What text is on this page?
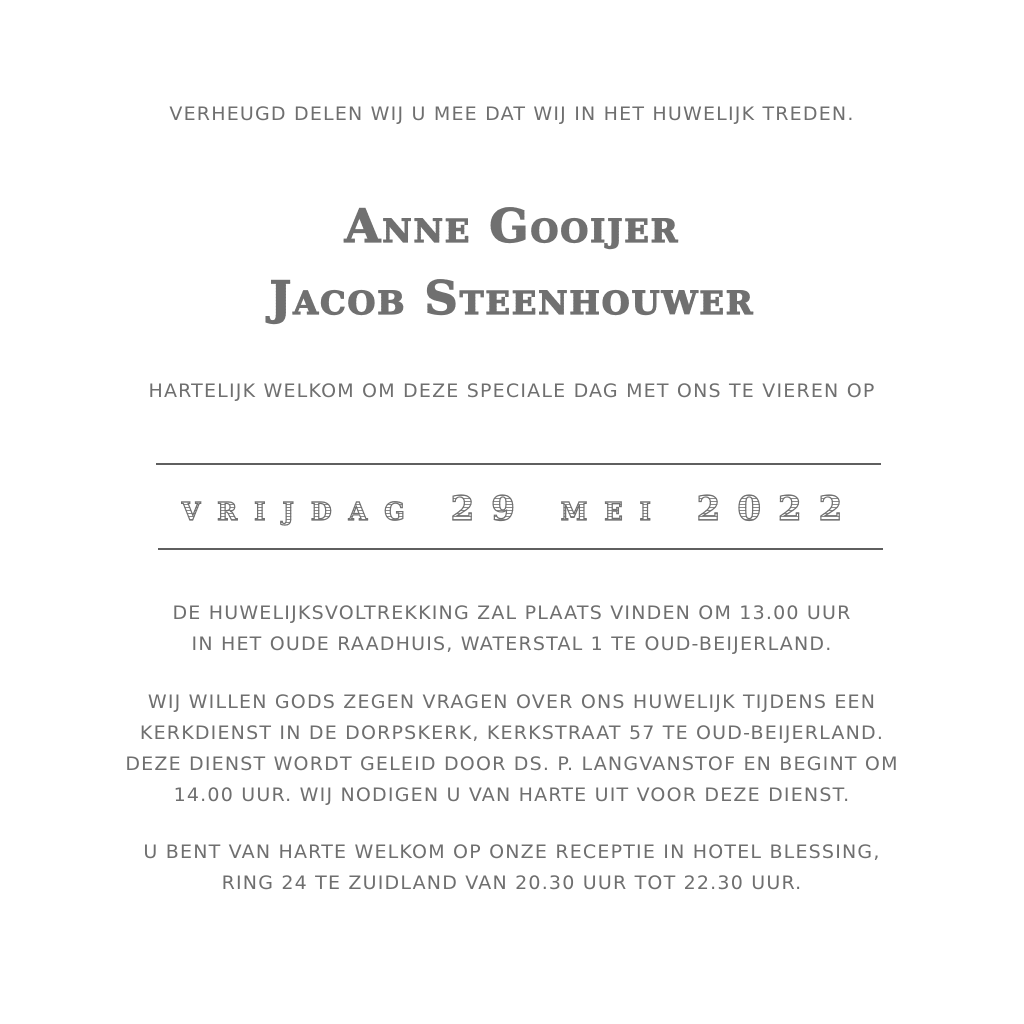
VERHEUGD DELEN WIJ U MEE DAT WIJ IN HET HUWELIJK TREDEN.
Anne Gooijer
Jacob Steenhouwer
HARTELIJK WELKOM OM DEZE SPECIALE DAG MET ONS TE VIEREN OP
vrijdag 29 mei 2022
DE HUWELIJKSVOLTREKKING ZAL PLAATS VINDEN OM 13.00 UUR
IN HET OUDE RAADHUIS, WATERSTAL 1 TE OUD-BEIJERLAND.
WIJ WILLEN GODS ZEGEN VRAGEN OVER ONS HUWELIJK TIJDENS EEN
KERKDIENST IN DE DORPSKERK, KERKSTRAAT 57 TE OUD-BEIJERLAND.
DEZE DIENST WORDT GELEID DOOR DS. P. LANGVANSTOF EN BEGINT OM
14.00 UUR. WIJ NODIGEN U VAN HARTE UIT VOOR DEZE DIENST.
U BENT VAN HARTE WELKOM OP ONZE RECEPTIE IN HOTEL BLESSING,
RING 24 TE ZUIDLAND VAN 20.30 UUR TOT 22.30 UUR.
